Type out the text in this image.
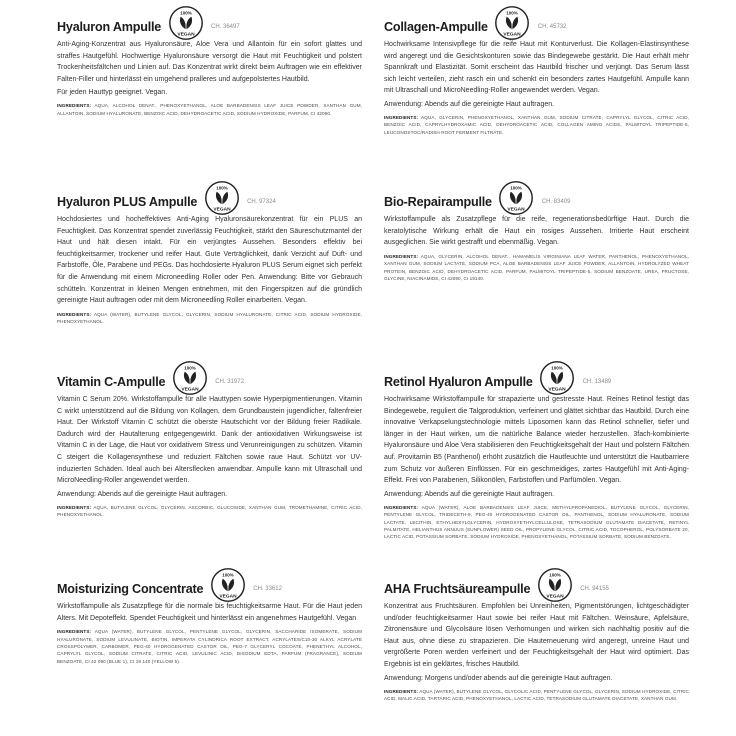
Hyaluron Ampulle
100%
VEGAN
CH. 36497
Anti-Aging-Konzentrat aus Hyaluronsäure, Aloe Vera und Allantoin für ein sofort glattes und straffes Hautgefühl. Hochwertige Hyaluronsäure versorgt die Haut mit Feuchtigkeit und polstert Trockenheitsfältchen und Linien auf. Das Konzentrat wirkt direkt beim Auftragen wie ein effektiver Falten-Filler und hinterlässt ein umgehend pralleres und aufgepolstertes Hautbild.
Für jeden Hauttyp geeignet. Vegan.
INGREDIENTS: AQUA, ALCOHOL DENAT., PHENOXYETHANOL, ALOE BARBADENSIS LEAF JUICE POWDER, XANTHAN GUM, ALLANTOIN, SODIUM HYALURONATE, BENZOIC ACID, DEHYDROACETIC ACID, SODIUM HYDROXIDE, PARFUM, CI 42090.
Hyaluron PLUS Ampulle
100%
VEGAN
CH. 97324
Hochdosiertes und hocheffektives Anti-Aging Hyaluronsäurekonzentrat für ein PLUS an Feuchtigkeit. Das Konzentrat spendet zuverlässig Feuchtigkeit, stärkt den Säureschutzmantel der Haut und hält diesen intakt. Für ein verjüngtes Aussehen. Besonders effektiv bei feuchtigkeitsarmer, trockener und reifer Haut. Gute Verträglichkeit, dank Verzicht auf Duft- und Farbstoffe, Öle, Parabene und PEGs. Das hochdosierte Hyaluron PLUS Serum eignet sich perfekt für die Anwendung mit einem Microneedling Roller oder Pen. Anwendung: Bitte vor Gebrauch schütteln. Konzentrat in kleinen Mengen entnehmen, mit den Fingerspitzen auf die gründlich gereinigte Haut auftragen oder mit dem Microneedling Roller einarbeiten. Vegan.
INGREDIENTS: AQUA (WATER), BUTYLENE GLYCOL, GLYCERIN, SODIUM HYALURONATE, CITRIC ACID, SODIUM HYDROXIDE, PHENOXYETHANOL.
Vitamin C-Ampulle
100%
VEGAN
CH. 31972
Vitamin C Serum 20%. Wirkstoffampulle für alle Hauttypen sowie Hyperpigmentierungen. Vitamin C wirkt unterstützend auf die Bildung von Kollagen, dem Grundbaustein jugendlicher, faltenfreier Haut. Der Wirkstoff Vitamin C schützt die oberste Hautschicht vor der Bildung freier Radikale. Dadurch wird der Hautalterung entgegengewirkt. Dank der antioxidativen Wirkungsweise ist Vitamin C in der Lage, die Haut vor oxidativem Stress und Verunreinigungen zu schützen. Vitamin C steigert die Kollagensynthese und reduziert Fältchen sowie raue Haut. Schützt vor UV-induzierten Schäden. Ideal auch bei Altersflecken anwendbar. Ampulle kann mit Ultraschall und MicroNeedling-Roller angewendet werden.
Anwendung: Abends auf die gereinigte Haut auftragen.
INGREDIENTS: AQUA, BUTYLENE GLYCOL, GLYCERIN, ASCORBIC, GLUCOSIDE, XANTHAN GUM, TROMETHAMINE, CITRIC ACID, PHENOXYETHANOL.
Moisturizing Concentrate
100%
VEGAN
CH. 33612
Wirkstoffampulle als Zusatzpflege für die normale bis feuchtigkeitsarme Haut. Für die Haut jeden Alters. Mit Depoteffekt. Spendet Feuchtigkeit und hinterlässt ein angenehmes Hautgefühl. Vegan
INGREDIENTS: AQUA (WATER), BUTYLENE GLYCOL, PENTYLENE GLYCOL, GLYCERIN, SACCHARIDE ISOMERATE, SODIUM HYALURONATE, SODIUM LEVULINATE, BIOTIN, IMPERATA CYLINDRICA ROOT EXTRACT, ACRYLATES/C10-30 ALKYL ACRYLATE CROSSPOLYMER, CARBOMER, PEG-40 HYDROGENATED CASTOR OIL, PEG-7 GLYCERYL COCOATE, PHENETHYL ALCOHOL, CAPRYLYL GLYCOL, SODIUM CITRATE, CITRIC ACID, LEVULINIC ACID, DISODIUM EDTA, PARFUM (FRAGRANCE), SODIUM BENZOATE, CI 42 090 (BLUE 1), CI 19 140 (YELLOW 5).
Collagen-Ampulle
100%
VEGAN
CH. 45732
Hochwirksame Intensivpflege für die reife Haut mit Konturverlust. Die Kollagen-Elastinsynthese wird angeregt und die Gesichtskonturen sowie das Bindegewebe gestärkt. Die Haut erhält mehr Spannkraft und Elastizität. Somit erscheint das Hautbild frischer und verjüngt. Das Serum lässt sich leicht verteilen, zieht rasch ein und schenkt ein besonders zartes Hautgefühl. Ampulle kann mit Ultraschall und MicroNeedling-Roller angewendet werden. Vegan.
Anwendung: Abends auf die gereinigte Haut auftragen.
INGREDIENTS: AQUA, GLYCERIN, PHENOXYETHANOL, XANTHAN GUM, SODIUM CITRATE, CAPRYLYL GLYCOL, CITRIC ACID, BENZOIC ACID, CAPRYLHYDROXAMIC ACID, DEHYDROACETIC ACID, COLLAGEN AMINO ACIDS, PALMITOYL TRIPEPTIDE-5, LEUCONOSTOC/RADISH ROOT FERMENT FILTRATE.
Bio-Repairampulle
100%
VEGAN
CH. 83409
Wirkstoffampulle als Zusatzpflege für die reife, regenerationsbedürftige Haut. Durch die keratolytische Wirkung erhält die Haut ein rosiges Aussehen. Irritierte Haut erscheint ausgeglichen. Sie wirkt gestrafft und ebenmäßig. Vegan.
INGREDIENTS: AQUA, GLYCERIN, ALCOHOL DENAT., HAMAMELIS VIRGINIANA LEAF WATER, PANTHENOL, PHENOXYETHANOL, XANTHAN GUM, SODIUM LACTATE, SODIUM PCA, ALOE BARBADENSIS LEAF JUICE POWDER, ALLANTOIN, HYDROLYZED WHEAT PROTEIN, BENZOIC ACID, DEHYDROACETIC ACID, PARFUM, PALMITOYL TRIPEPTIDE-5, SODIUM BENZOATE, UREA, FRUCTOSE, GLYCINE, NIACINAMIDE, CI 42090, CI 19140.
Retinol Hyaluron Ampulle
100%
VEGAN
CH. 13489
Hochwirksame Wirkstoffampulle für strapazierte und gestresste Haut. Reines Retinol festigt das Bindegewebe, reguliert die Talgproduktion, verfeinert und glättet sichtbar das Hautbild. Durch eine innovative Verkapselungstechnologie mittels Liposomen kann das Retinol schneller, tiefer und länger in der Haut wirken, um die natürliche Balance wieder herzustellen. 3fach-kombinierte Hyaluronsäure und Aloe Vera stabilisieren den Feuchtigkeitsgehalt der Haut und polstern Fältchen auf. Provitamin B5 (Panthenol) erhöht zusätzlich die Hautfeuchte und unterstützt die Hautbarriere zum Schutz vor äußeren Einflüssen. Für ein geschmeidiges, zartes Hautgefühl mit Anti-Aging-Effekt. Frei von Parabenen, Silikonölen, Farbstoffen und Parfümölen. Vegan.
Anwendung: Abends auf die gereinigte Haut auftragen.
INGREDIENTS: AQUA (WATER), ALOE BARBADENSIS LEAF JUICE, METHYLPROPANEDIOL, BUTYLENE GLYCOL, GLYCERIN, PENTYLENE GLYCOL, TRIDECETH-9, PEG-40 HYDROGENATED CASTOR OIL, PANTHENOL, SODIUM HYALURONATE, SODIUM LACTATE, LECITHIN, ETHYLHEXYLGLYCERIN, HYDROXYETHYLCELLULOSE, TETRASODIUM GLUTAMATE DIACETATE, RETINYL PALMITATE, HELIANTHUS ANNUUS (SUNFLOWER) SEED OIL, PROPYLENE GLYCOL, CITRIC ACID, TOCOPHEROL, POLYSORBATE 20, LACTIC ACID, POTASSIUM SORBATE, SODIUM HYDROXIDE, PHENOXYETHANOL, POTASSIUM SORBATE, SODIUM BENZOATE.
AHA Fruchtsäureampulle
100%
VEGAN
CH. 94155
Konzentrat aus Fruchtsäuren. Empfohlen bei Unreinheiten, Pigmentstörungen, lichtgeschädigter und/oder feuchtigkeitsarmer Haut sowie bei reifer Haut mit Fältchen. Weinsäure, Apfelsäure, Zitronensäure und Glycolsäure lösen Verhornungen und wirken sich nachhaltig positiv auf die Haut aus, ohne diese zu strapazieren. Die Hauterneuerung wird angeregt, unreine Haut und vergrößerte Poren werden verfeinert und der Feuchtigkeitsgehalt der Haut wird optimiert. Das Ergebnis ist ein geklärtes, frisches Hautbild.
Anwendung: Morgens und/oder abends auf die gereinigte Haut auftragen.
INGREDIENTS: AQUA (WATER), BUTYLENE GLYCOL, GLYCOLIC ACID, PENTYLENE GLYCOL, GLYCERIN, SODIUM HYDROXIDE, CITRIC ACID, MALIC ACID, TARTARIC ACID, PHENOXYETHANOL, LACTIC ACID, TETRASODIUM GLUTAMATE DIACETATE, XANTHAN GUM.
